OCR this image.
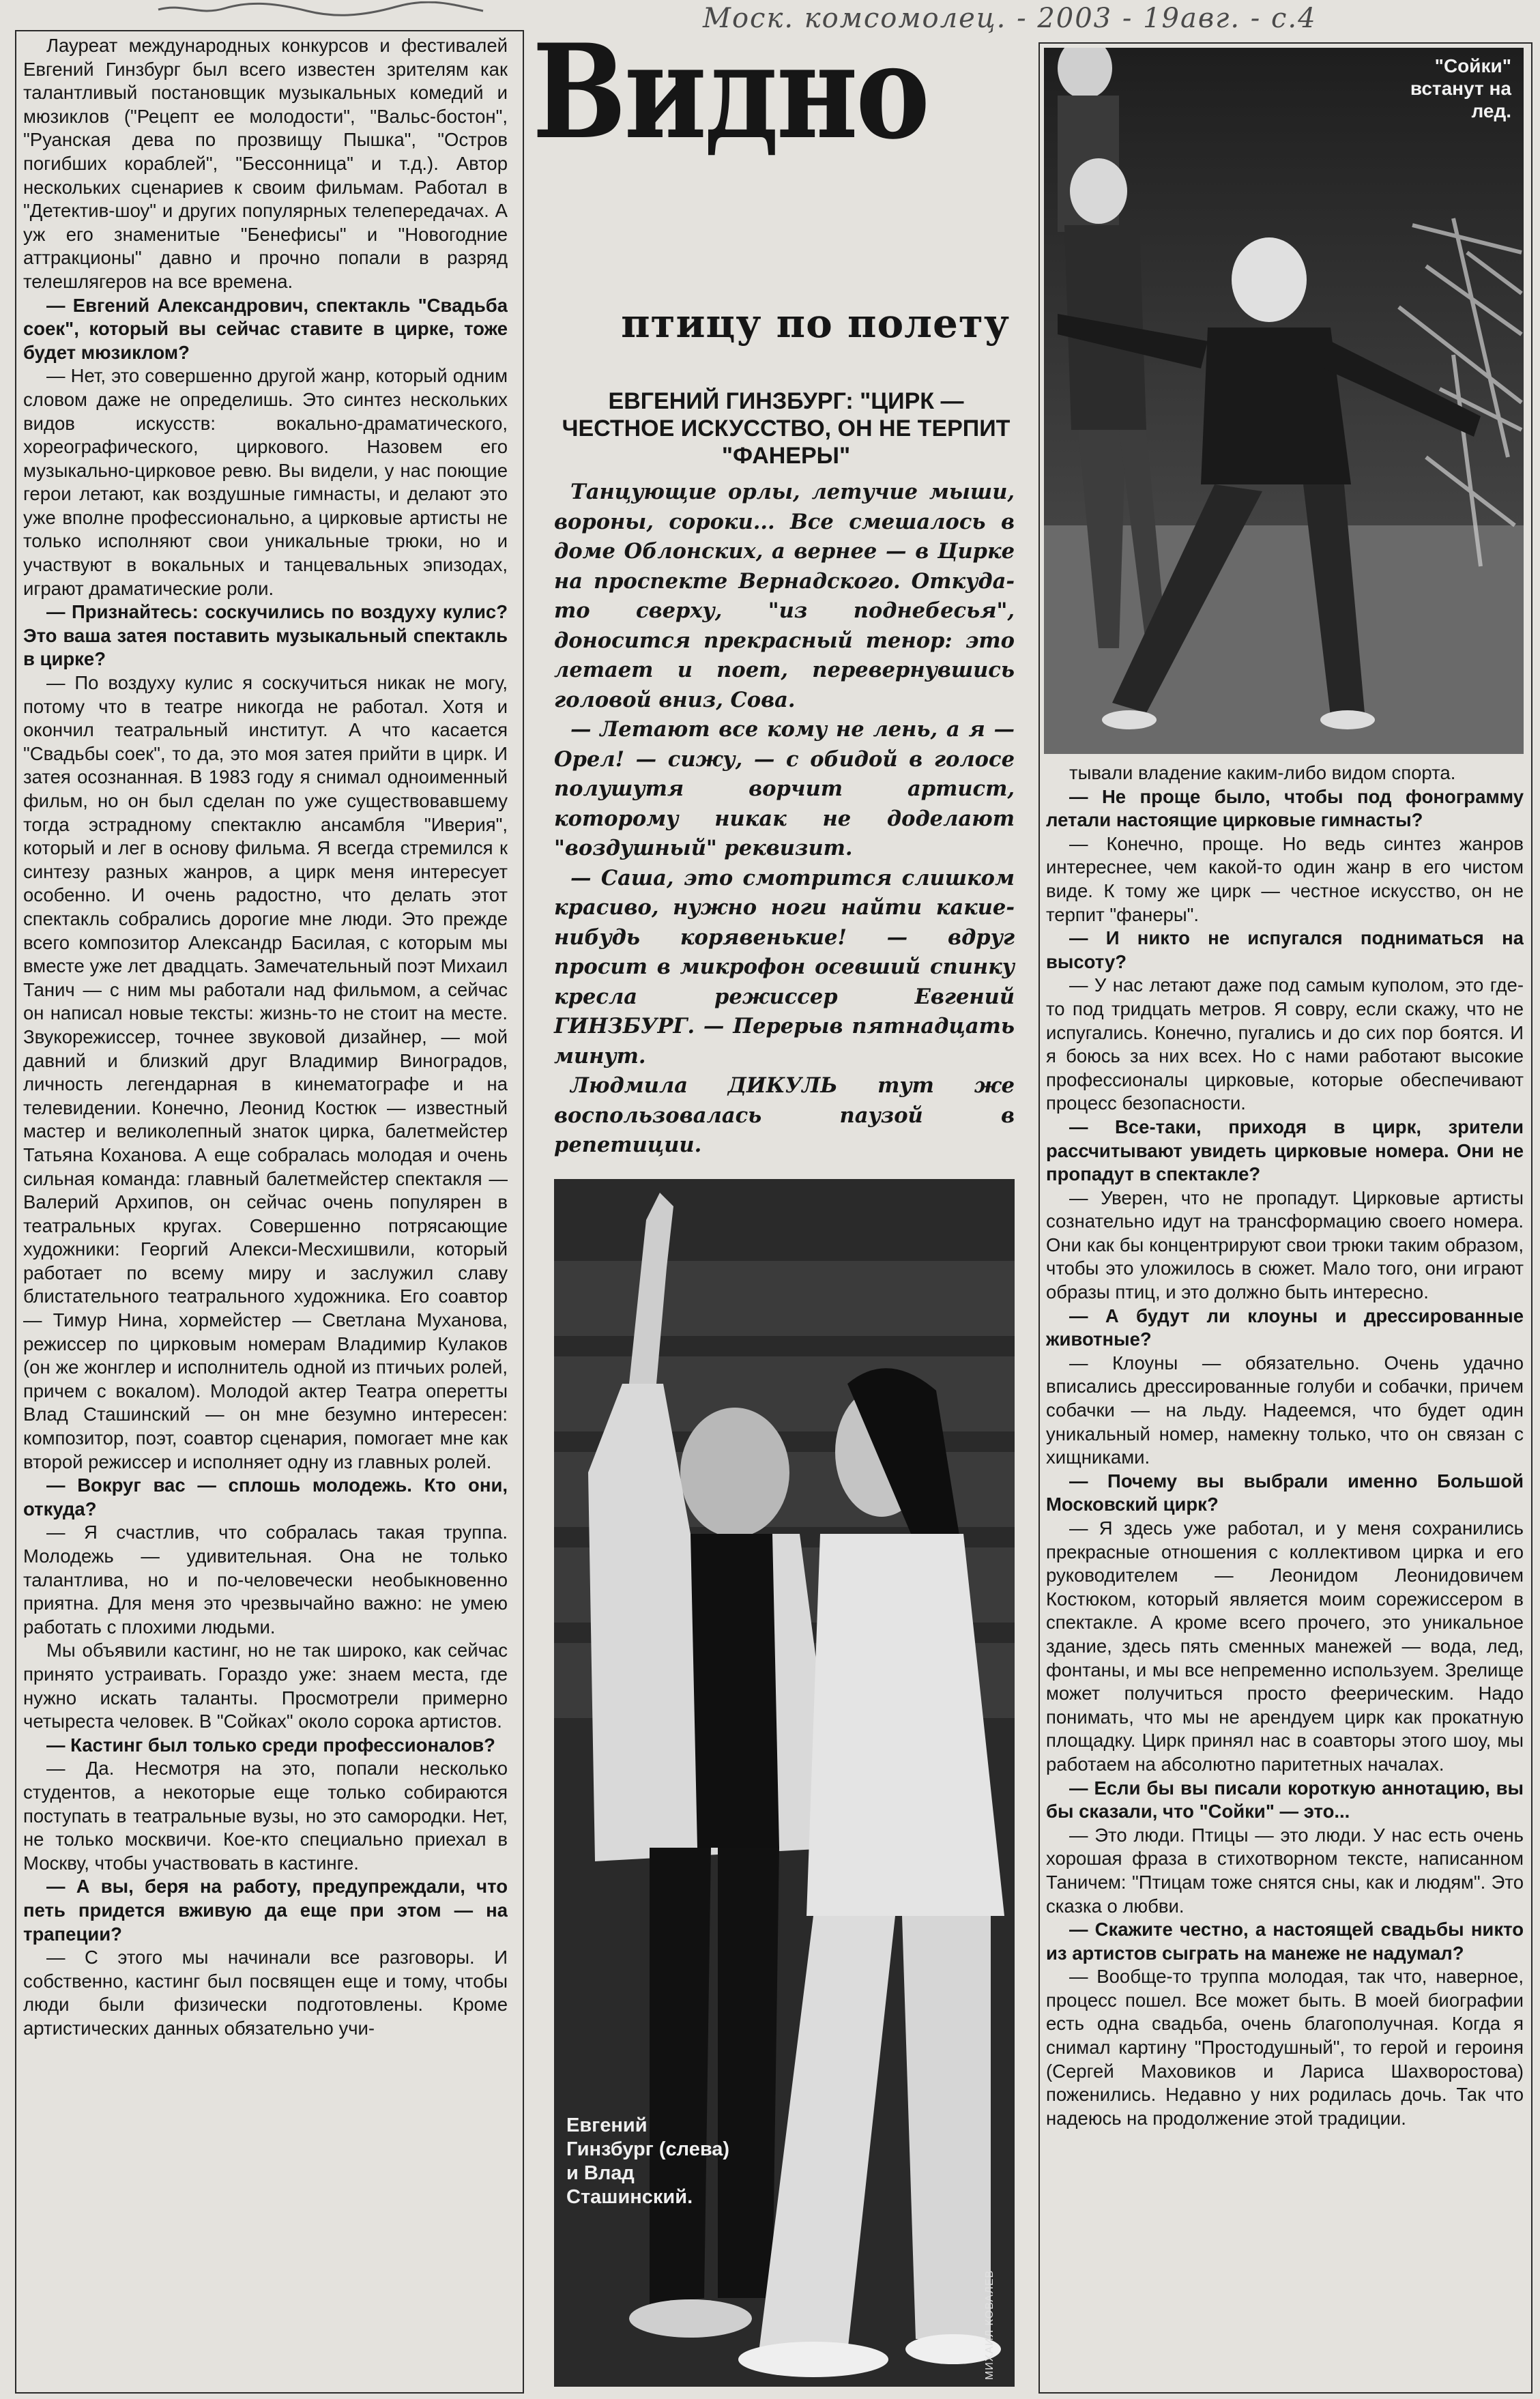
Моск. комсомолец. - 2003 - 19авг. - с.4

Лауреат международных конкурсов и фестивалей Евгений Гинзбург был всего известен зрителям как талантливый постановщик музыкальных комедий и мюзиклов ("Рецепт ее молодости", "Вальс-бостон", "Руанская дева по прозвищу Пышка", "Остров погибших кораблей", "Бессонница" и т.д.). Автор нескольких сценариев к своим фильмам. Работал в "Детектив-шоу" и других популярных телепередачах. А уж его знаменитые "Бенефисы" и "Новогодние аттракционы" давно и прочно попали в разряд телешлягеров на все времена.

— Евгений Александрович, спектакль "Свадьба соек", который вы сейчас ставите в цирке, тоже будет мюзиклом?

— Нет, это совершенно другой жанр, который одним словом даже не определишь. Это синтез нескольких видов искусств: вокально-драматического, хореографического, циркового. Назовем его музыкально-цирковое ревю. Вы видели, у нас поющие герои летают, как воздушные гимнасты, и делают это уже вполне профессионально, а цирковые артисты не только исполняют свои уникальные трюки, но и участвуют в вокальных и танцевальных эпизодах, играют драматические роли.

— Признайтесь: соскучились по воздуху кулис? Это ваша затея поставить музыкальный спектакль в цирке?

— По воздуху кулис я соскучиться никак не могу, потому что в театре никогда не работал. Хотя и окончил театральный институт. А что касается "Свадьбы соек", то да, это моя затея прийти в цирк. И затея осознанная. В 1983 году я снимал одноименный фильм, но он был сделан по уже существовавшему тогда эстрадному спектаклю ансамбля "Иверия", который и лег в основу фильма. Я всегда стремился к синтезу разных жанров, а цирк меня интересует особенно. И очень радостно, что делать этот спектакль собрались дорогие мне люди. Это прежде всего композитор Александр Басилая, с которым мы вместе уже лет двадцать. Замечательный поэт Михаил Танич — с ним мы работали над фильмом, а сейчас он написал новые тексты: жизнь-то не стоит на месте. Звукорежиссер, точнее звуковой дизайнер, — мой давний и близкий друг Владимир Виноградов, личность легендарная в кинематографе и на телевидении. Конечно, Леонид Костюк — известный мастер и великолепный знаток цирка, балетмейстер Татьяна Коханова. А еще собралась молодая и очень сильная команда: главный балетмейстер спектакля — Валерий Архипов, он сейчас очень популярен в театральных кругах. Совершенно потрясающие художники: Георгий Алекси-Месхишвили, который работает по всему миру и заслужил славу блистательного театрального художника. Его соавтор — Тимур Нина, хормейстер — Светлана Муханова, режиссер по цирковым номерам Владимир Кулаков (он же жонглер и исполнитель одной из птичьих ролей, причем с вокалом). Молодой актер Театра оперетты Влад Сташинский — он мне безумно интересен: композитор, поэт, соавтор сценария, помогает мне как второй режиссер и исполняет одну из главных ролей.

— Вокруг вас — сплошь молодежь. Кто они, откуда?

— Я счастлив, что собралась такая труппа. Молодежь — удивительная. Она не только талантлива, но и по-человечески необыкновенно приятна. Для меня это чрезвычайно важно: не умею работать с плохими людьми.

Мы объявили кастинг, но не так широко, как сейчас принято устраивать. Гораздо уже: знаем места, где нужно искать таланты. Просмотрели примерно четыреста человек. В "Сойках" около сорока артистов.

— Кастинг был только среди профессионалов?

— Да. Несмотря на это, попали несколько студентов, а некоторые еще только собираются поступать в театральные вузы, но это самородки. Нет, не только москвичи. Кое-кто специально приехал в Москву, чтобы участвовать в кастинге.

— А вы, беря на работу, предупреждали, что петь придется вживую да еще при этом — на трапеции?

— С этого мы начинали все разговоры. И собственно, кастинг был посвящен еще и тому, чтобы люди были физически подготовлены. Кроме артистических данных обязательно учи-

Видно
птицу по полету
ЕВГЕНИЙ ГИНЗБУРГ: "ЦИРК — ЧЕСТНОЕ ИСКУССТВО, ОН НЕ ТЕРПИТ "ФАНЕРЫ"

Танцующие орлы, летучие мыши, вороны, сороки... Все смешалось в доме Облонских, а вернее — в Цирке на проспекте Вернадского. Откуда-то сверху, "из поднебесья", доносится прекрасный тенор: это летает и поет, перевернувшись головой вниз, Сова.

— Летают все кому не лень, а я — Орел! — сижу, — с обидой в голосе полушутя ворчит артист, которому никак не доделают "воздушный" реквизит.

— Саша, это смотрится слишком красиво, нужно ноги найти какие-нибудь корявенькие! — вдруг просит в микрофон осевший спинку кресла режиссер Евгений ГИНЗБУРГ. — Перерыв пятнадцать минут.

Людмила ДИКУЛЬ тут же воспользовалась паузой в репетиции.

"Сойки" встанут на лед.

тывали владение каким-либо видом спорта.

— Не проще было, чтобы под фонограмму летали настоящие цирковые гимнасты?

— Конечно, проще. Но ведь синтез жанров интереснее, чем какой-то один жанр в его чистом виде. К тому же цирк — честное искусство, он не терпит "фанеры".

— И никто не испугался подниматься на высоту?

— У нас летают даже под самым куполом, это где-то под тридцать метров. Я совру, если скажу, что не испугались. Конечно, пугались и до сих пор боятся. И я боюсь за них всех. Но с нами работают высокие профессионалы цирковые, которые обеспечивают процесс безопасности.

— Все-таки, приходя в цирк, зрители рассчитывают увидеть цирковые номера. Они не пропадут в спектакле?

— Уверен, что не пропадут. Цирковые артисты сознательно идут на трансформацию своего номера. Они как бы концентрируют свои трюки таким образом, чтобы это уложилось в сюжет. Мало того, они играют образы птиц, и это должно быть интересно.

— А будут ли клоуны и дрессированные животные?

— Клоуны — обязательно. Очень удачно вписались дрессированные голуби и собачки, причем собачки — на льду. Надеемся, что будет один уникальный номер, намекну только, что он связан с хищниками.

— Почему вы выбрали именно Большой Московский цирк?

— Я здесь уже работал, и у меня сохранились прекрасные отношения с коллективом цирка и его руководителем — Леонидом Леонидовичем Костюком, который является моим сорежиссером в спектакле. А кроме всего прочего, это уникальное здание, здесь пять сменных манежей — вода, лед, фонтаны, и мы все непременно используем. Зрелище может получиться просто феерическим. Надо понимать, что мы не арендуем цирк как прокатную площадку. Цирк принял нас в соавторы этого шоу, мы работаем на абсолютно паритетных началах.

— Если бы вы писали короткую аннотацию, вы бы сказали, что "Сойки" — это...

— Это люди. Птицы — это люди. У нас есть очень хорошая фраза в стихотворном тексте, написанном Таничем: "Птицам тоже снятся сны, как и людям". Это сказка о любви.

— Скажите честно, а настоящей свадьбы никто из артистов сыграть на манеже не надумал?

— Вообще-то труппа молодая, так что, наверное, процесс пошел. Все может быть. В моей биографии есть одна свадьба, очень благополучная. Когда я снимал картину "Простодушный", то герой и героиня (Сергей Маховиков и Лариса Шахворостова) поженились. Недавно у них родилась дочь. Так что надеюсь на продолжение этой традиции.

Евгений Гинзбург (слева) и Влад Сташинский.
МИХАИЛ КОВАЛЕВ
